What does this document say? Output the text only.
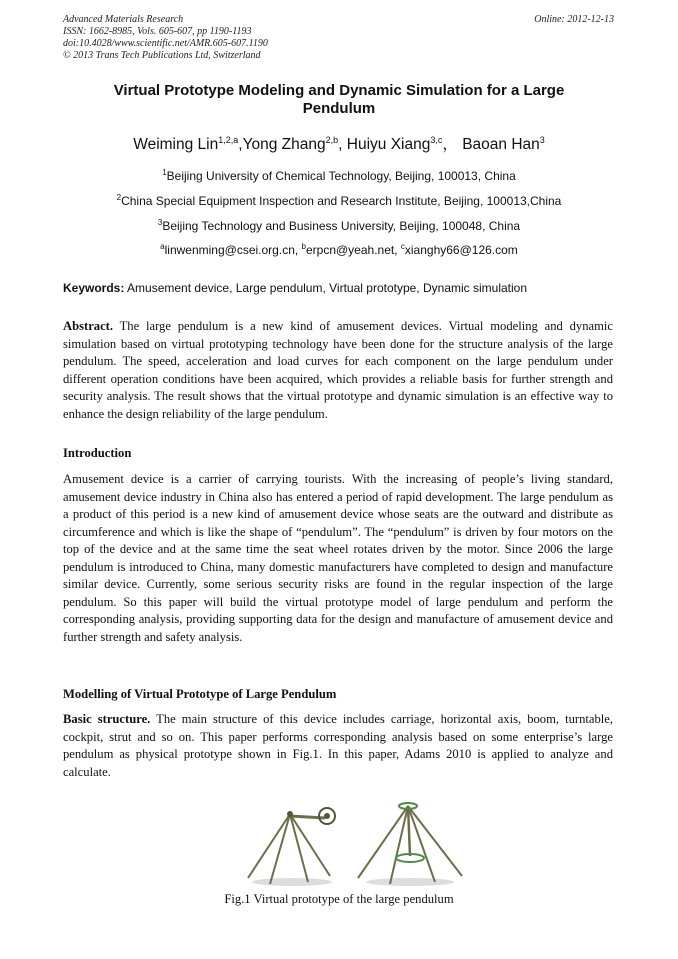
Advanced Materials Research
ISSN: 1662-8985, Vols. 605-607, pp 1190-1193
doi:10.4028/www.scientific.net/AMR.605-607.1190
© 2013 Trans Tech Publications Ltd, Switzerland
Online: 2012-12-13
Virtual Prototype Modeling and Dynamic Simulation for a Large Pendulum
Weiming Lin$^{1,2,a}$,Yong Zhang$^{2,b}$, Huiyu Xiang$^{3,c}$， Baoan Han$^3$
$^1$Beijing University of Chemical Technology, Beijing, 100013, China
$^2$China Special Equipment Inspection and Research Institute, Beijing, 100013,China
$^3$Beijing Technology and Business University, Beijing, 100048, China
$^a$linwenming@csei.org.cn, $^b$erpcn@yeah.net, $^c$xianghy66@126.com
Keywords: Amusement device, Large pendulum, Virtual prototype, Dynamic simulation

Abstract. The large pendulum is a new kind of amusement devices. Virtual modeling and dynamic simulation based on virtual prototyping technology have been done for the structure analysis of the large pendulum. The speed, acceleration and load curves for each component on the large pendulum under different operation conditions have been acquired, which provides a reliable basis for further strength and security analysis. The result shows that the virtual prototype and dynamic simulation is an effective way to enhance the design reliability of the large pendulum.

Introduction

Amusement device is a carrier of carrying tourists. With the increasing of people’s living standard, amusement device industry in China also has entered a period of rapid development. The large pendulum as a product of this period is a new kind of amusement device whose seats are the outward and distribute as circumference and which is like the shape of “pendulum”. The “pendulum” is driven by four motors on the top of the device and at the same time the seat wheel rotates driven by the motor. Since 2006 the large pendulum is introduced to China, many domestic manufacturers have completed to design and manufacture similar device. Currently, some serious security risks are found in the regular inspection of the large pendulum. So this paper will build the virtual prototype model of large pendulum and perform the corresponding analysis, providing supporting data for the design and manufacture of amusement device and further strength and safety analysis.

Modelling of Virtual Prototype of Large Pendulum

Basic structure. The main structure of this device includes carriage, horizontal axis, boom, turntable, cockpit, strut and so on. This paper performs corresponding analysis based on some enterprise’s large pendulum as physical prototype shown in Fig.1. In this paper, Adams 2010 is applied to analyze and calculate.

Fig.1 Virtual prototype of the large pendulum
